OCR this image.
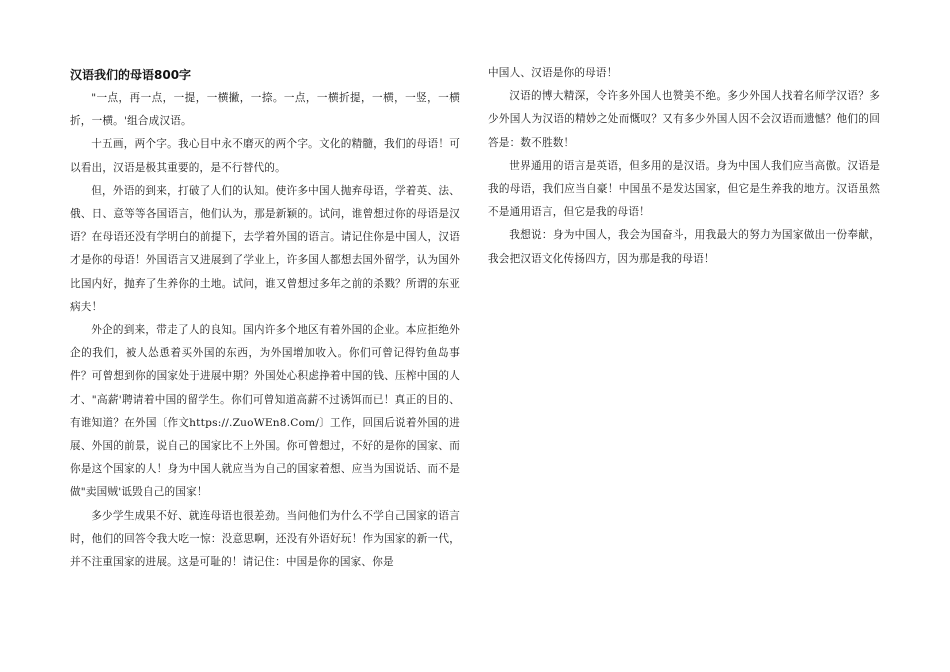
汉语我们的母语800字

"一点，再一点，一提，一横撇，一捺。一点，一横折提，一横，一竖，一横折，一横。'组合成汉语。

十五画，两个字。我心目中永不磨灭的两个字。文化的精髓，我们的母语！可以看出，汉语是极其重要的，是不行替代的。

但，外语的到来，打破了人们的认知。使许多中国人抛弃母语，学着英、法、俄、日、意等等各国语言，他们认为，那是新颖的。试问，谁曾想过你的母语是汉语？在母语还没有学明白的前提下，去学着外国的语言。请记住你是中国人，汉语才是你的母语！外国语言又进展到了学业上，许多国人都想去国外留学，认为国外比国内好，抛弃了生养你的土地。试问，谁又曾想过多年之前的杀戮？所谓的东亚病夫！

外企的到来，带走了人的良知。国内许多个地区有着外国的企业。本应拒绝外企的我们，被人怂恿着买外国的东西，为外国增加收入。你们可曾记得钓鱼岛事件？可曾想到你的国家处于进展中期？外国处心积虑挣着中国的钱、压榨中国的人才、"高薪'聘请着中国的留学生。你们可曾知道高薪不过诱饵而已！真正的目的、有谁知道？在外国〔作文https://.ZuoWEn8.Com/〕工作，回国后说着外国的进展、外国的前景，说自己的国家比不上外国。你可曾想过，不好的是你的国家、而你是这个国家的人！身为中国人就应当为自己的国家着想、应当为国说话、而不是做"卖国贼'诋毁自己的国家！

多少学生成果不好、就连母语也很差劲。当问他们为什么不学自己国家的语言时，他们的回答令我大吃一惊：没意思啊，还没有外语好玩！作为国家的新一代，并不注重国家的进展。这是可耻的！请记住：中国是你的国家、你是

中国人、汉语是你的母语！

汉语的博大精深，令许多外国人也赞美不绝。多少外国人找着名师学汉语？多少外国人为汉语的精妙之处而慨叹？又有多少外国人因不会汉语而遗憾？他们的回答是：数不胜数！

世界通用的语言是英语，但多用的是汉语。身为中国人我们应当高傲。汉语是我的母语，我们应当自豪！中国虽不是发达国家，但它是生养我的地方。汉语虽然不是通用语言，但它是我的母语！

我想说：身为中国人，我会为国奋斗，用我最大的努力为国家做出一份奉献，我会把汉语文化传扬四方，因为那是我的母语！
